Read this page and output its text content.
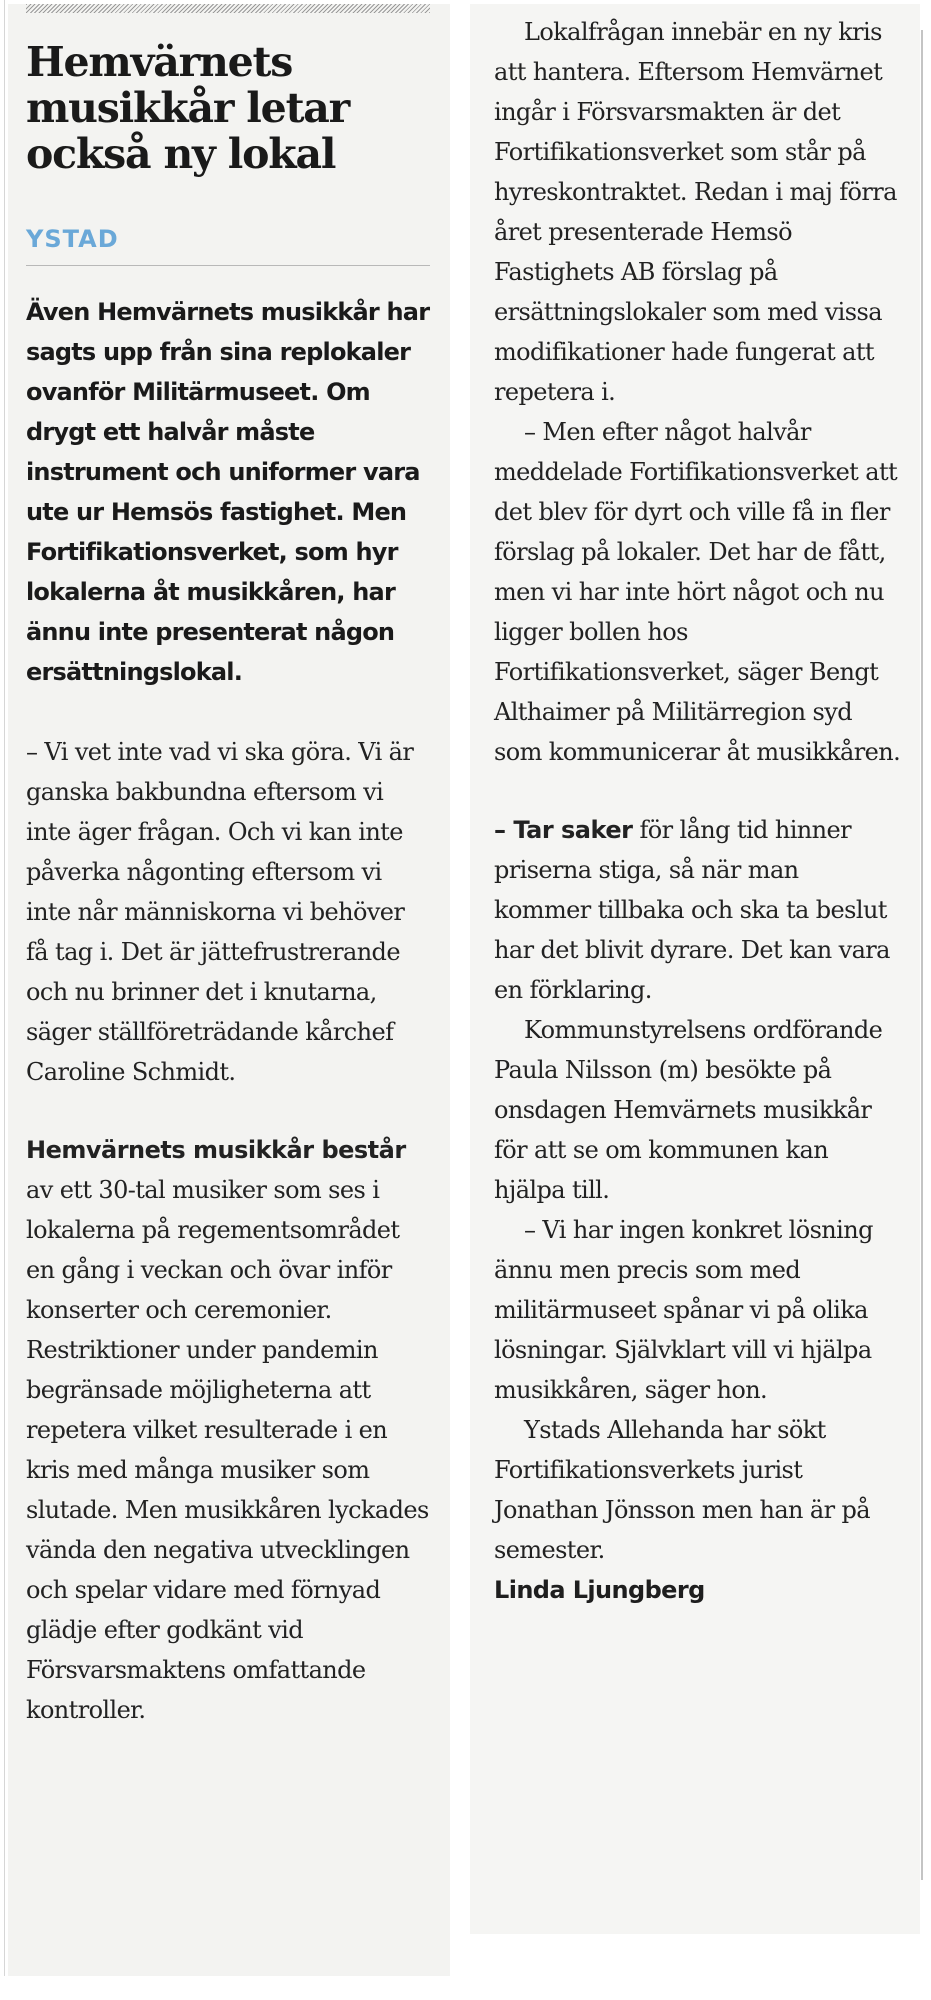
Hemvärnets musikkår letar också ny lokal
YSTAD

Även Hemvärnets musikkår har sagts upp från sina replokaler ovanför Militärmuseet. Om drygt ett halvår måste instrument och uniformer vara ute ur Hemsös fastighet. Men Fortifikationsverket, som hyr lokalerna åt musikkåren, har ännu inte presenterat någon ersättningslokal.

– Vi vet inte vad vi ska göra. Vi är ganska bakbundna eftersom vi inte äger frågan. Och vi kan inte påverka någonting eftersom vi inte når människorna vi behöver få tag i. Det är jättefrustrerande och nu brinner det i knutarna, säger ställföreträdande kårchef Caroline Schmidt.

Hemvärnets musikkår består av ett 30-tal musiker som ses i lokalerna på regementsområdet en gång i veckan och övar inför konserter och ceremonier. Restriktioner under pandemin begränsade möjligheterna att repetera vilket resulterade i en kris med många musiker som slutade. Men musikkåren lyckades vända den negativa utvecklingen och spelar vidare med förnyad glädje efter godkänt vid Försvarsmaktens omfattande kontroller.

Lokalfrågan innebär en ny kris att hantera. Eftersom Hemvärnet ingår i Försvarsmakten är det Fortifikationsverket som står på hyreskontraktet. Redan i maj förra året presenterade Hemsö Fastighets AB förslag på ersättningslokaler som med vissa modifikationer hade fungerat att repetera i.

– Men efter något halvår meddelade Fortifikationsverket att det blev för dyrt och ville få in fler förslag på lokaler. Det har de fått, men vi har inte hört något och nu ligger bollen hos Fortifikationsverket, säger Bengt Althaimer på Militärregion syd som kommunicerar åt musikkåren.

– Tar saker för lång tid hinner priserna stiga, så när man kommer tillbaka och ska ta beslut har det blivit dyrare. Det kan vara en förklaring.

Kommunstyrelsens ordförande Paula Nilsson (m) besökte på onsdagen Hemvärnets musikkår för att se om kommunen kan hjälpa till.

– Vi har ingen konkret lösning ännu men precis som med militärmuseet spånar vi på olika lösningar. Självklart vill vi hjälpa musikkåren, säger hon.

Ystads Allehanda har sökt Fortifikationsverkets jurist Jonathan Jönsson men han är på semester.

Linda Ljungberg
